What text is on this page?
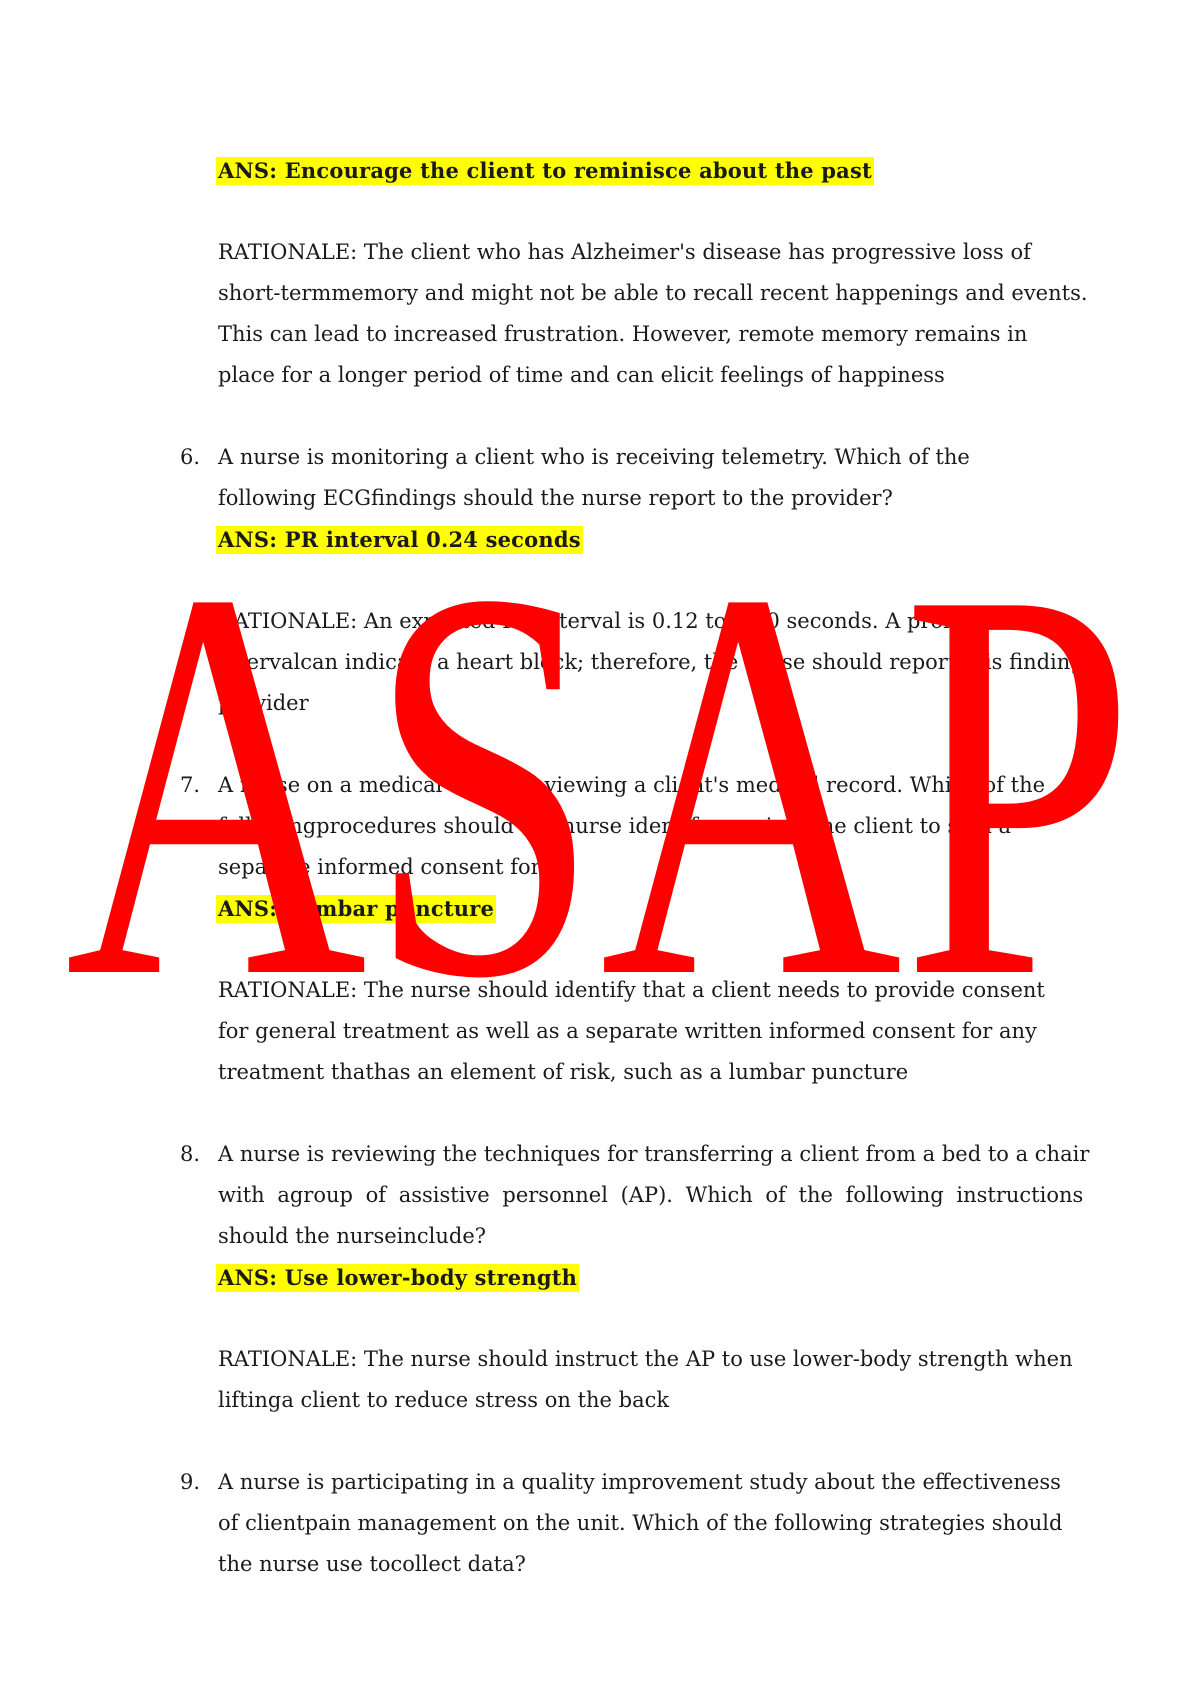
ANS: Encourage the client to reminisce about the past
RATIONALE: The client who has Alzheimer's disease has progressive loss of
short-termmemory and might not be able to recall recent happenings and events.
This can lead to increased frustration. However, remote memory remains in
place for a longer period of time and can elicit feelings of happiness
6. A nurse is monitoring a client who is receiving telemetry. Which of the
following ECGfindings should the nurse report to the provider?
ANS: PR interval 0.24 seconds
RATIONALE: An expected PR interval is 0.12 to 0.20 seconds. A prolonged PR
intervalcan indicate a heart block; therefore, the nurse should report this finding
provider
7. A nurse on a medical unit is reviewing a client's medical record. Which of the
followingprocedures should the nurse identify requires the client to sign a
separate informed consent form?
ANS: Lumbar puncture
RATIONALE: The nurse should identify that a client needs to provide consent
for general treatment as well as a separate written informed consent for any
treatment thathas an element of risk, such as a lumbar puncture
8. A nurse is reviewing the techniques for transferring a client from a bed to a chair
with agroup of assistive personnel (AP). Which of the following instructions
should the nurseinclude?
ANS: Use lower-body strength
RATIONALE: The nurse should instruct the AP to use lower-body strength when
liftinga client to reduce stress on the back
9. A nurse is participating in a quality improvement study about the effectiveness
of clientpain management on the unit. Which of the following strategies should
the nurse use tocollect data?
ASAP
